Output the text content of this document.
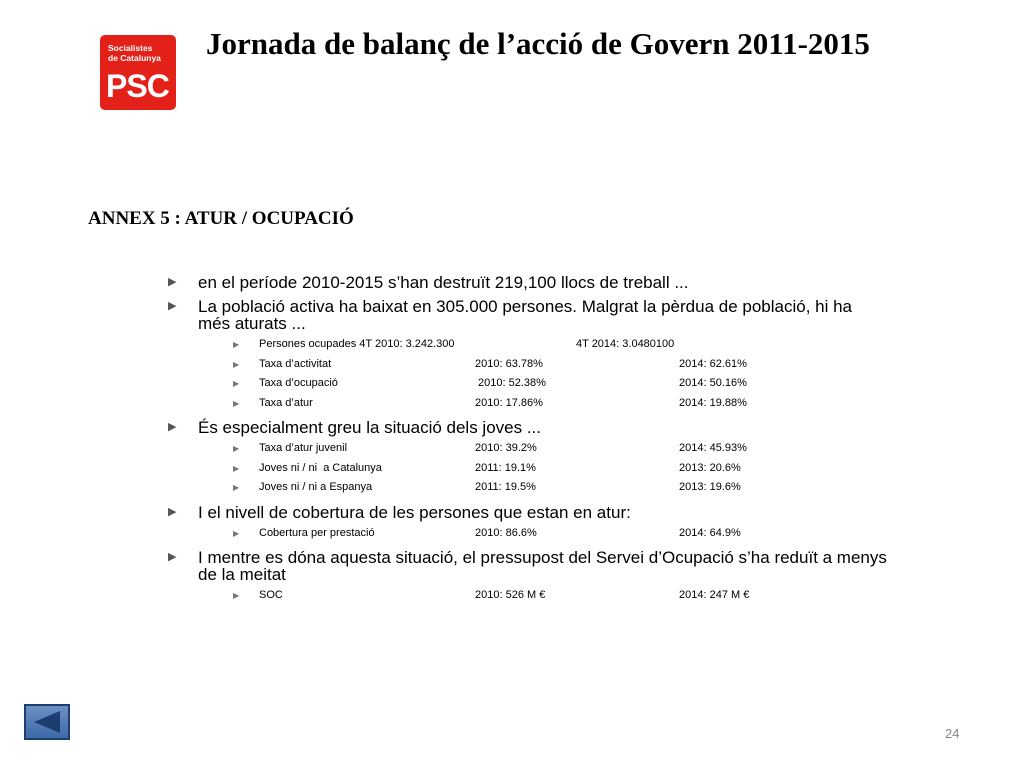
Socialistes
de Catalunya
PSC
Jornada de balanç de l’acció de Govern 2011-2015
ANNEX 5 : ATUR / OCUPACIÓ
▶ en el període 2010-2015 s’han destruït 219,100 llocs de treball ...
▶ La població activa ha baixat en 305.000 persones. Malgrat la pèrdua de població, hi ha més aturats ...
▶ Persones ocupades 4T 2010: 3.242.300	4T 2014: 3.0480100
▶ Taxa d’activitat	2010: 63.78%	2014: 62.61%
▶ Taxa d’ocupació	2010: 52.38%	2014: 50.16%
▶ Taxa d’atur	2010: 17.86%	2014: 19.88%
▶ És especialment greu la situació dels joves ...
▶ Taxa d’atur juvenil	2010: 39.2%	2014: 45.93%
▶ Joves ni / ni  a Catalunya	2011: 19.1%	2013: 20.6%
▶ Joves ni / ni a Espanya	2011: 19.5%	2013: 19.6%
▶ I el nivell de cobertura de les persones que estan en atur:
▶ Cobertura per prestació	2010: 86.6%	2014: 64.9%
▶ I mentre es dóna aquesta situació, el pressupost del Servei d’Ocupació s’ha reduït a menys de la meitat
▶ SOC	2010: 526 M €	2014: 247 M €
24
